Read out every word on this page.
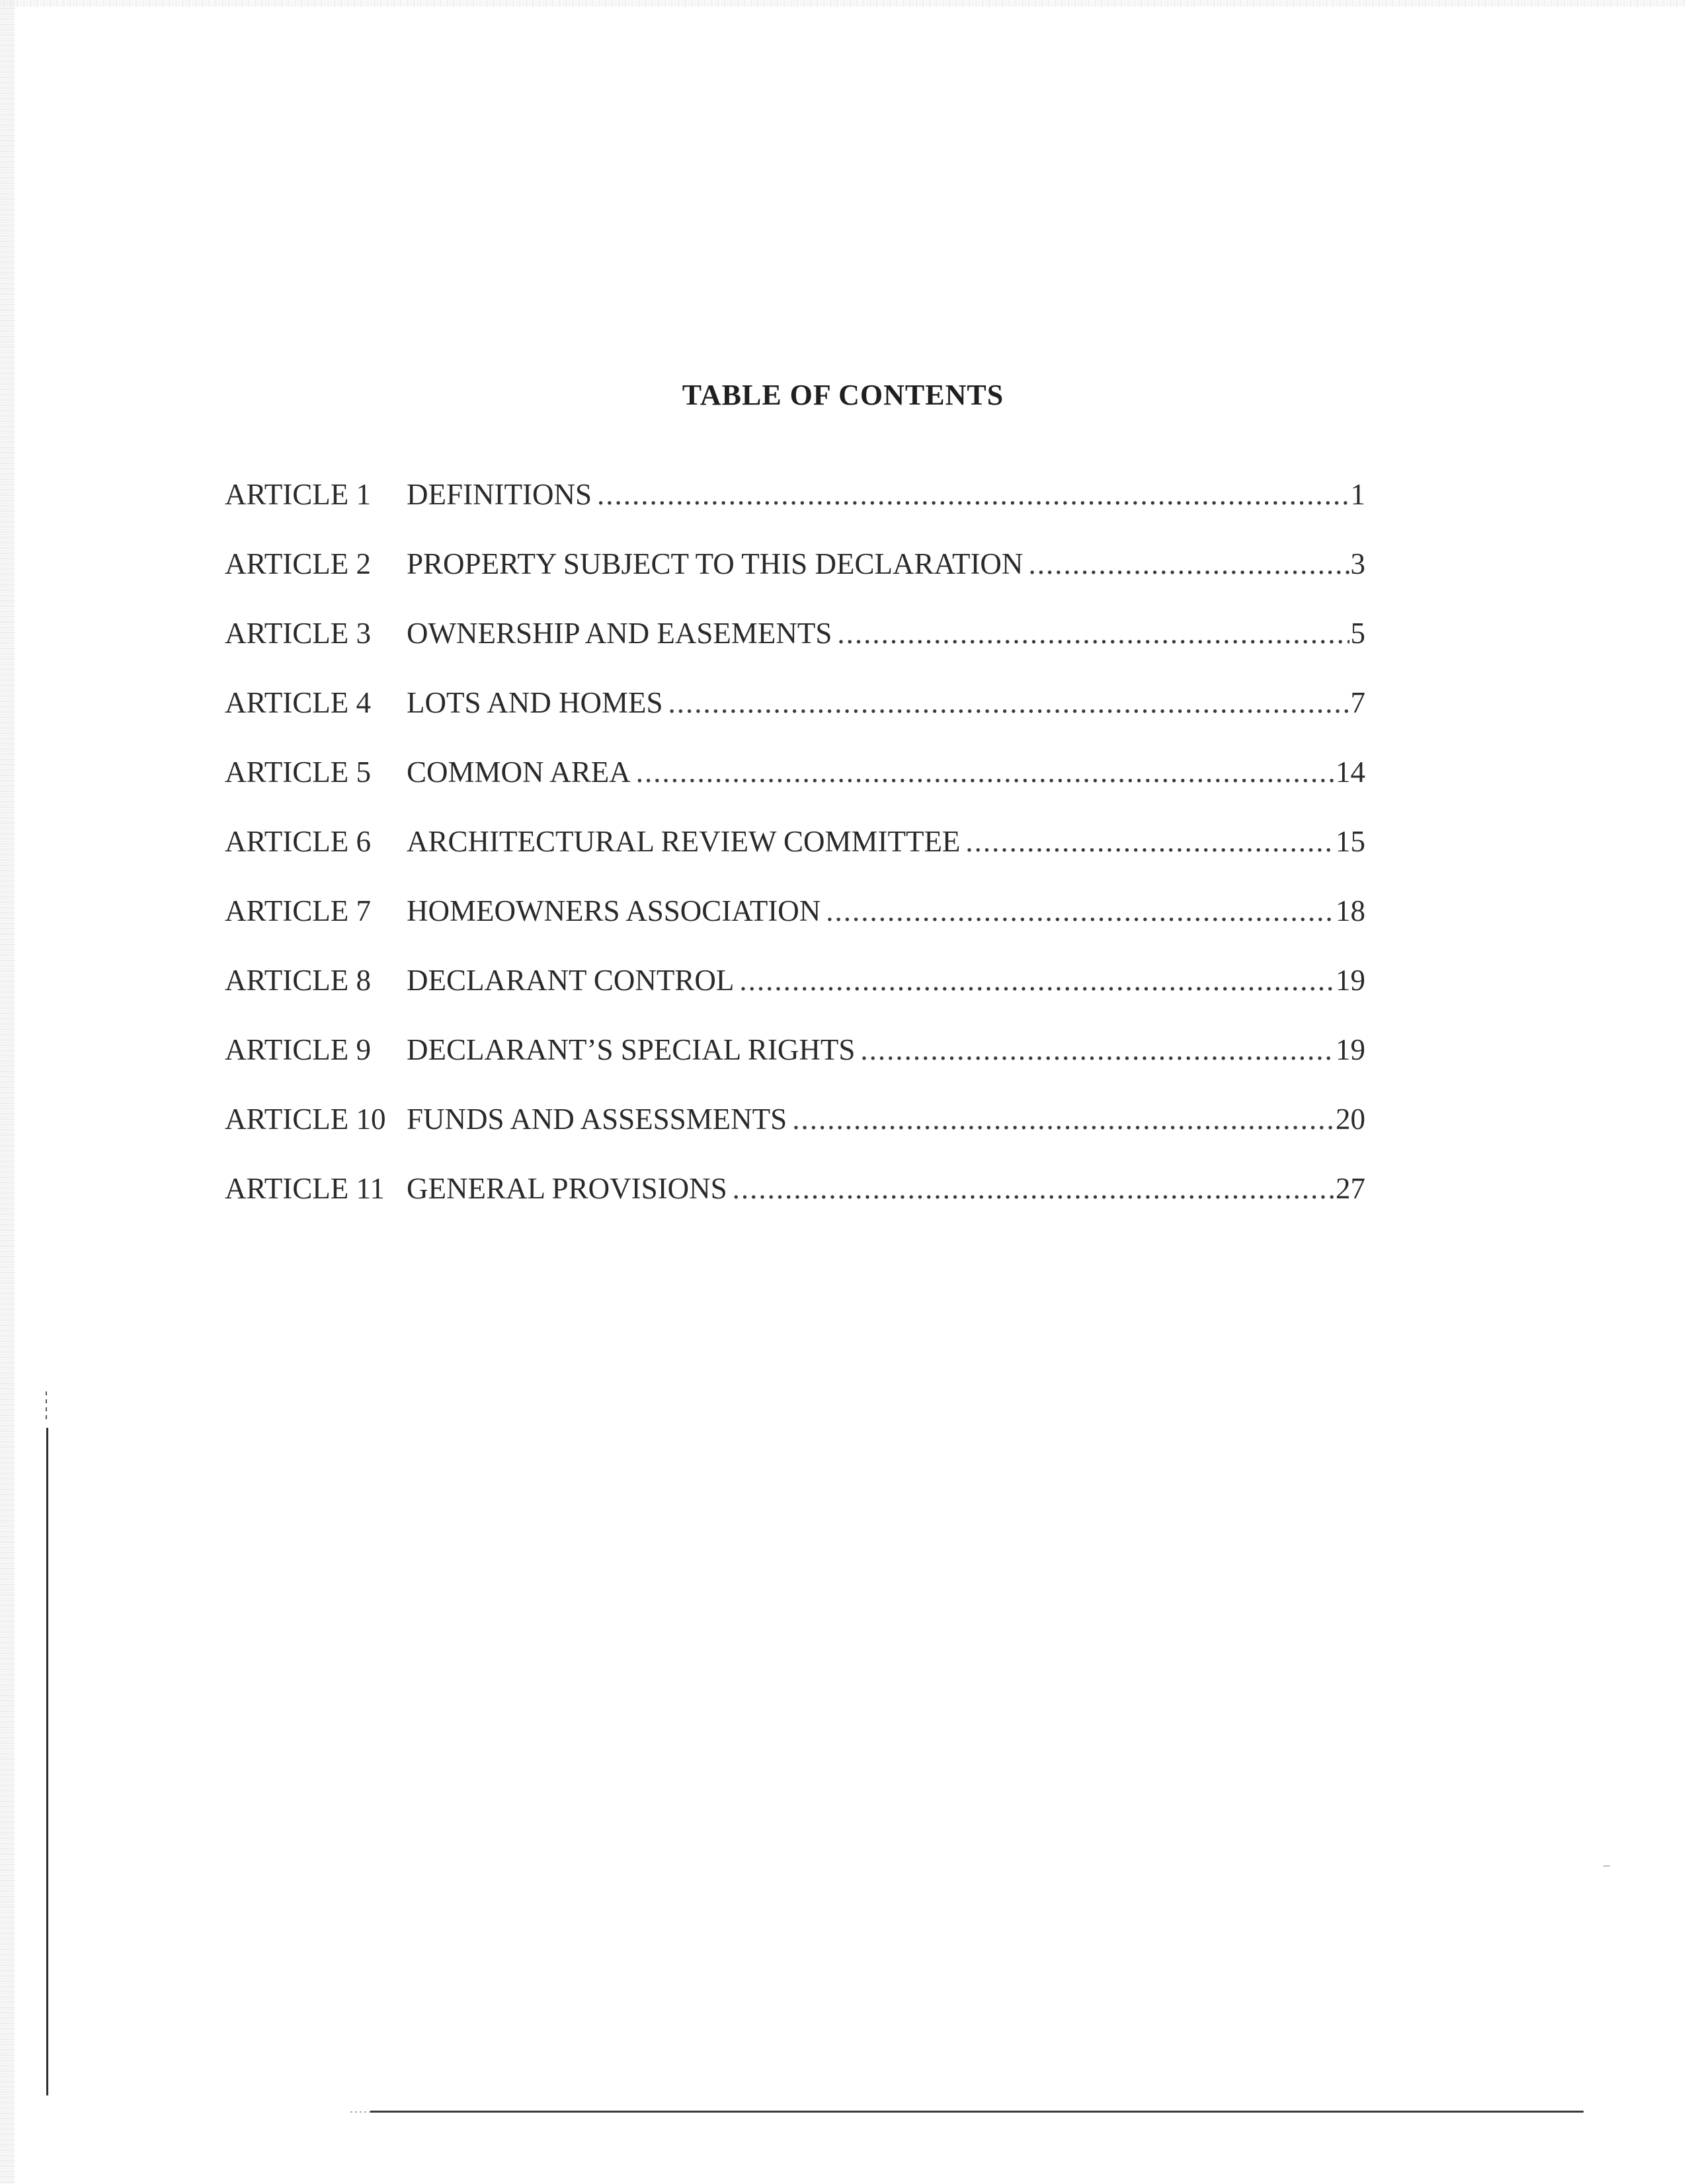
TABLE OF CONTENTS
ARTICLE 1	DEFINITIONS .....	1
ARTICLE 2	PROPERTY SUBJECT TO THIS DECLARATION .....	3
ARTICLE 3	OWNERSHIP AND EASEMENTS .....	5
ARTICLE 4	LOTS AND HOMES .....	7
ARTICLE 5	COMMON AREA .....	14
ARTICLE 6	ARCHITECTURAL REVIEW COMMITTEE .....	15
ARTICLE 7	HOMEOWNERS ASSOCIATION .....	18
ARTICLE 8	DECLARANT CONTROL .....	19
ARTICLE 9	DECLARANT’S SPECIAL RIGHTS .....	19
ARTICLE 10 FUNDS AND ASSESSMENTS .....	20
ARTICLE 11 GENERAL PROVISIONS .....	27
